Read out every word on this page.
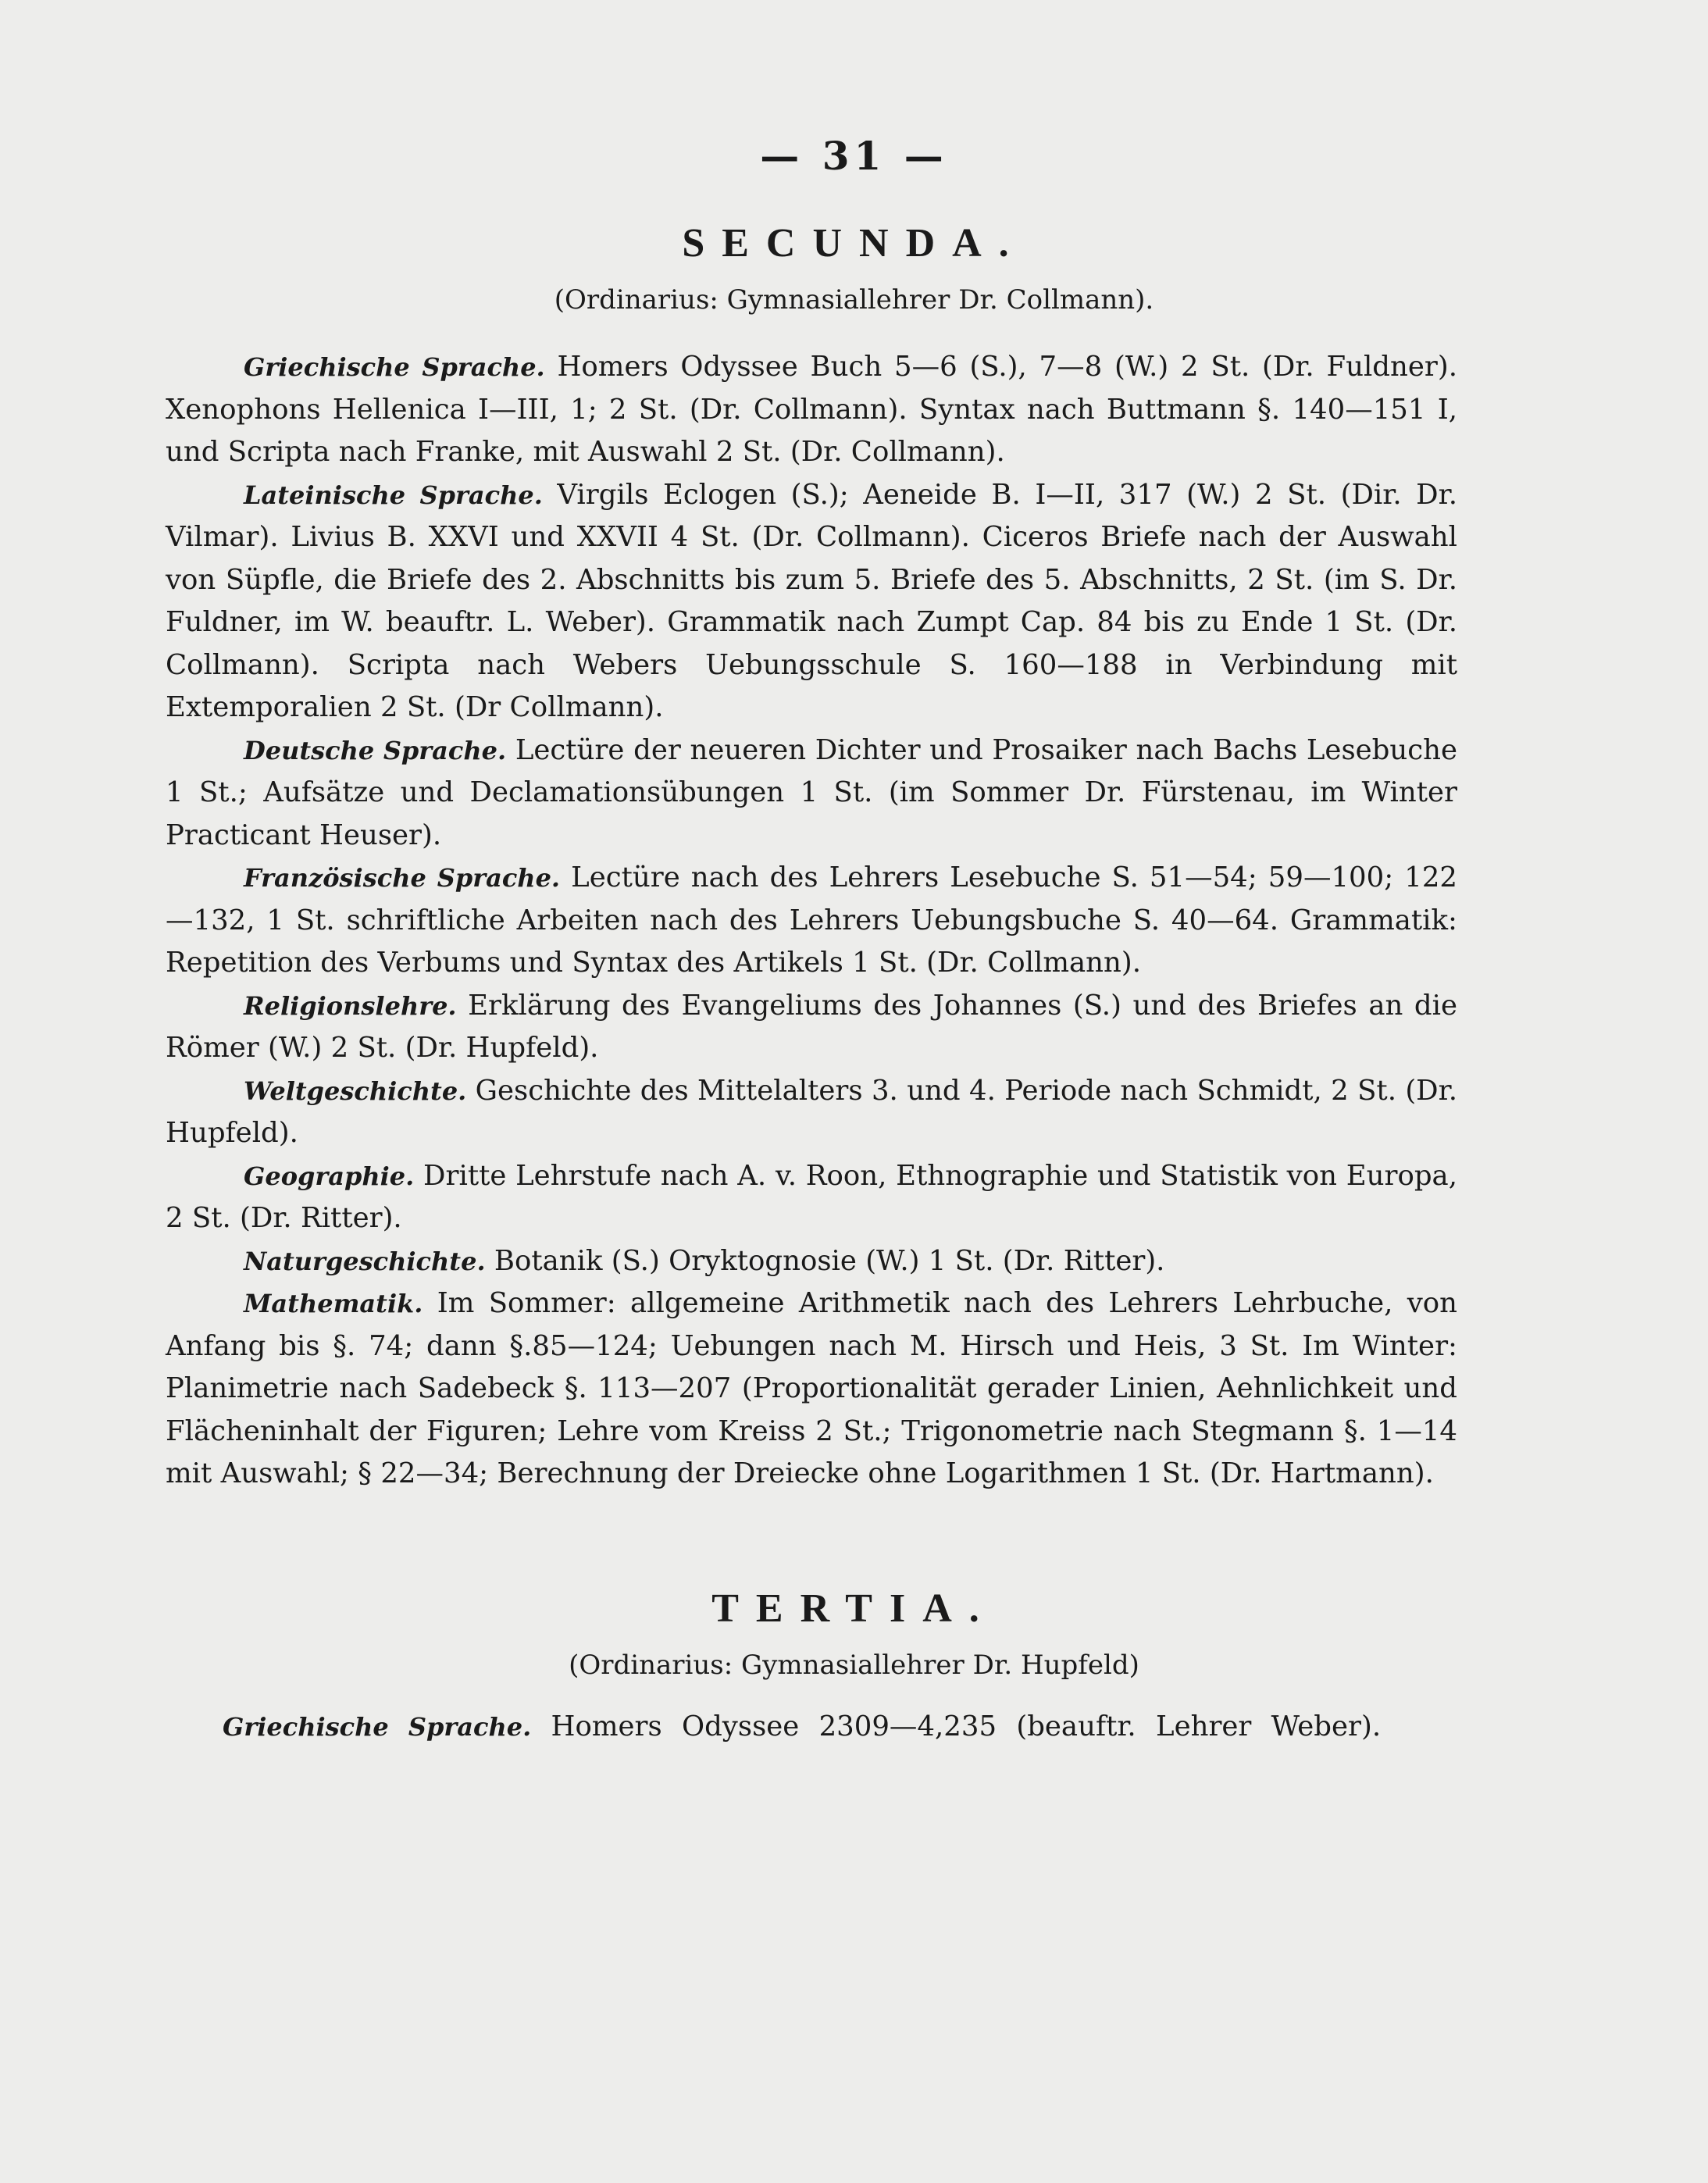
— 31 —
SECUNDA.
(Ordinarius: Gymnasiallehrer Dr. Collmann).

Griechische Sprache. Homers Odyssee Buch 5—6 (S.), 7—8 (W.) 2 St. (Dr. Fuldner). Xenophons Hellenica I—III, 1; 2 St. (Dr. Collmann). Syntax nach Buttmann §. 140—151 I, und Scripta nach Franke, mit Auswahl 2 St. (Dr. Collmann).

Lateinische Sprache. Virgils Eclogen (S.); Aeneide B. I—II, 317 (W.) 2 St. (Dir. Dr. Vilmar). Livius B. XXVI und XXVII 4 St. (Dr. Collmann). Ciceros Briefe nach der Auswahl von Süpfle, die Briefe des 2. Abschnitts bis zum 5. Briefe des 5. Abschnitts, 2 St. (im S. Dr. Fuldner, im W. beauftr. L. Weber). Grammatik nach Zumpt Cap. 84 bis zu Ende 1 St. (Dr. Collmann). Scripta nach Webers Uebungsschule S. 160—188 in Verbindung mit Extemporalien 2 St. (Dr Collmann).

Deutsche Sprache. Lectüre der neueren Dichter und Prosaiker nach Bachs Lesebuche 1 St.; Aufsätze und Declamationsübungen 1 St. (im Sommer Dr. Fürstenau, im Winter Practicant Heuser).

Französische Sprache. Lectüre nach des Lehrers Lesebuche S. 51—54; 59—100; 122—132, 1 St. schriftliche Arbeiten nach des Lehrers Uebungsbuche S. 40—64. Grammatik: Repetition des Verbums und Syntax des Artikels 1 St. (Dr. Collmann).

Religionslehre. Erklärung des Evangeliums des Johannes (S.) und des Briefes an die Römer (W.) 2 St. (Dr. Hupfeld).

Weltgeschichte. Geschichte des Mittelalters 3. und 4. Periode nach Schmidt, 2 St. (Dr. Hupfeld).

Geographie. Dritte Lehrstufe nach A. v. Roon, Ethnographie und Statistik von Europa, 2 St. (Dr. Ritter).

Naturgeschichte. Botanik (S.) Oryktognosie (W.) 1 St. (Dr. Ritter).

Mathematik. Im Sommer: allgemeine Arithmetik nach des Lehrers Lehrbuche, von Anfang bis §. 74; dann §.85—124; Uebungen nach M. Hirsch und Heis, 3 St. Im Winter: Planimetrie nach Sadebeck §. 113—207 (Proportionalität gerader Linien, Aehnlichkeit und Flächeninhalt der Figuren; Lehre vom Kreiss 2 St.; Trigonometrie nach Stegmann §. 1—14 mit Auswahl; § 22—34; Berechnung der Dreiecke ohne Logarithmen 1 St. (Dr. Hartmann).

TERTIA.
(Ordinarius: Gymnasiallehrer Dr. Hupfeld)
Griechische Sprache. Homers Odyssee 2309—4,235 (beauftr. Lehrer Weber).
